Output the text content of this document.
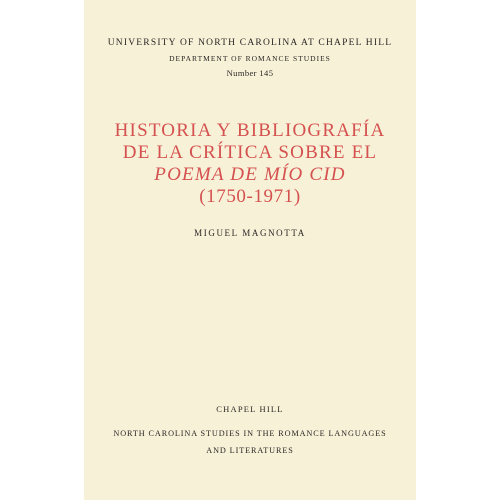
UNIVERSITY OF NORTH CAROLINA AT CHAPEL HILL
DEPARTMENT OF ROMANCE STUDIES
Number 145
HISTORIA Y BIBLIOGRAFÍA
DE LA CRÍTICA SOBRE EL
POEMA DE MÍO CID
(1750-1971)
MIGUEL MAGNOTTA
CHAPEL HILL
NORTH CAROLINA STUDIES IN THE ROMANCE LANGUAGES
AND LITERATURES
